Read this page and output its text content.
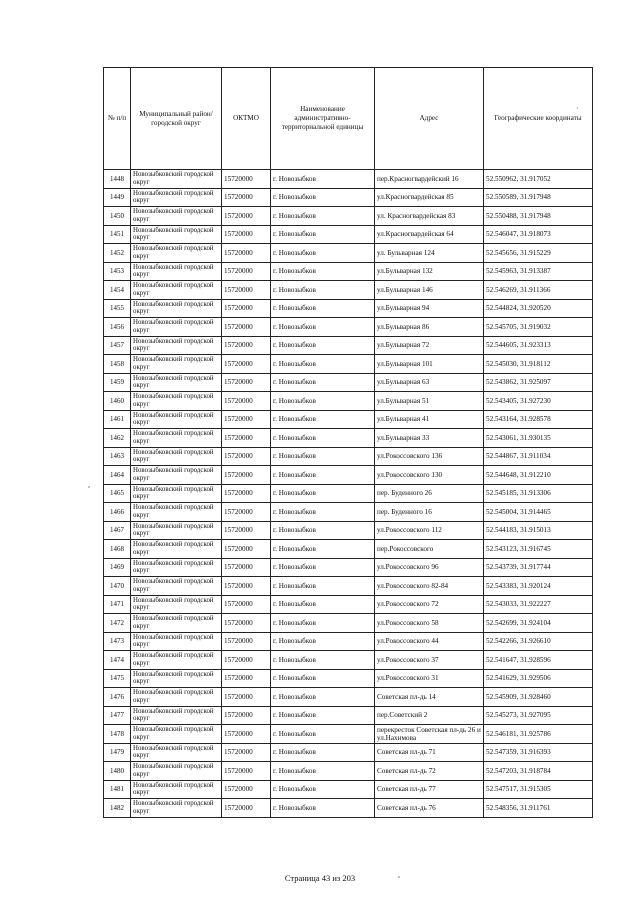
№ п/п	Муниципальный район/городской округ	ОКТМО	Наименование административно-территориальной единицы	Адрес	Географические координаты
1448	Новозыбковский городской округ	15720000	г. Новозыбков	пер.Красногвардейский 16	52.550962, 31.917052
1449	Новозыбковский городской округ	15720000	г. Новозыбков	ул.Красногвардейская 85	52.550589, 31.917948
1450	Новозыбковский городской округ	15720000	г. Новозыбков	ул. Красногвардейская 83	52.550488, 31.917948
1451	Новозыбковский городской округ	15720000	г. Новозыбков	ул.Красногвардейская 64	52.546047, 31.918073
1452	Новозыбковский городской округ	15720000	г. Новозыбков	ул. Бульварная 124	52.545656, 31.915229
1453	Новозыбковский городской округ	15720000	г. Новозыбков	ул.Бульварная 132	52.545963, 31.913387
1454	Новозыбковский городской округ	15720000	г. Новозыбков	ул.Бульварная 146	52.546269, 31.911366
1455	Новозыбковский городской округ	15720000	г. Новозыбков	ул.Бульварная 94	52.544824, 31.920520
1456	Новозыбковский городской округ	15720000	г. Новозыбков	ул.Бульварная 86	52.545705, 31.919032
1457	Новозыбковский городской округ	15720000	г. Новозыбков	ул.Бульварная 72	52.544605, 31.923313
1458	Новозыбковский городской округ	15720000	г. Новозыбков	ул.Бульварная 101	52.545030, 31.918112
1459	Новозыбковский городской округ	15720000	г. Новозыбков	ул.Бульварная 63	52.543862, 31.925097
1460	Новозыбковский городской округ	15720000	г. Новозыбков	ул.Бульварная 51	52.543405, 31.927230
1461	Новозыбковский городской округ	15720000	г. Новозыбков	ул.Бульварная 41	52.543164, 31.928578
1462	Новозыбковский городской округ	15720000	г. Новозыбков	ул.Бульварная 33	52.543061, 31.930135
1463	Новозыбковский городской округ	15720000	г. Новозыбков	ул.Рокоссовского 136	52.544867, 31.911034
1464	Новозыбковский городской округ	15720000	г. Новозыбков	ул.Рокоссовского 130	52.544648, 31.912210
1465	Новозыбковский городской округ	15720000	г. Новозыбков	пер. Буденного 26	52.545185, 31.913306
1466	Новозыбковский городской округ	15720000	г. Новозыбков	пер. Буденного 16	52.545004, 31.914465
1467	Новозыбковский городской округ	15720000	г. Новозыбков	ул.Рокоссовского 112	52.544183, 31.915013
1468	Новозыбковский городской округ	15720000	г. Новозыбков	пер.Рокоссовского	52.543123, 31.916745
1469	Новозыбковский городской округ	15720000	г. Новозыбков	ул.Рокоссовского 96	52.543739, 31.917744
1470	Новозыбковский городской округ	15720000	г. Новозыбков	ул.Рокоссовского 82-84	52.543383, 31.920124
1471	Новозыбковский городской округ	15720000	г. Новозыбков	ул.Рокоссовского 72	52.543033, 31.922227
1472	Новозыбковский городской округ	15720000	г. Новозыбков	ул.Рокоссовского 58	52.542699, 31.924104
1473	Новозыбковский городской округ	15720000	г. Новозыбков	ул.Рокоссовского 44	52.542266, 31.926610
1474	Новозыбковский городской округ	15720000	г. Новозыбков	ул.Рокоссовского 37	52.541647, 31.928596
1475	Новозыбковский городской округ	15720000	г. Новозыбков	ул.Рокоссовского 31	52.541629, 31.929506
1476	Новозыбковский городской округ	15720000	г. Новозыбков	Советская пл-дь 14	52.545909, 31.928460
1477	Новозыбковский городской округ	15720000	г. Новозыбков	пер.Советский 2	52.545273, 31.927095
1478	Новозыбковский городской округ	15720000	г. Новозыбков	перекресток Советская пл-дь 26 и ул.Нахимова	52.546181, 31.925786
1479	Новозыбковский городской округ	15720000	г. Новозыбков	Советская пл-дь 71	52.547359, 31.916393
1480	Новозыбковский городской округ	15720000	г. Новозыбков	Советская пл-дь 72	52.547203, 31.918784
1481	Новозыбковский городской округ	15720000	г. Новозыбков	Советская пл-дь 77	52.547517, 31.915305
1482	Новозыбковский городской округ	15720000	г. Новозыбков	Советская пл-дь 76	52.548356, 31.911761
·
Страница 43 из 203
